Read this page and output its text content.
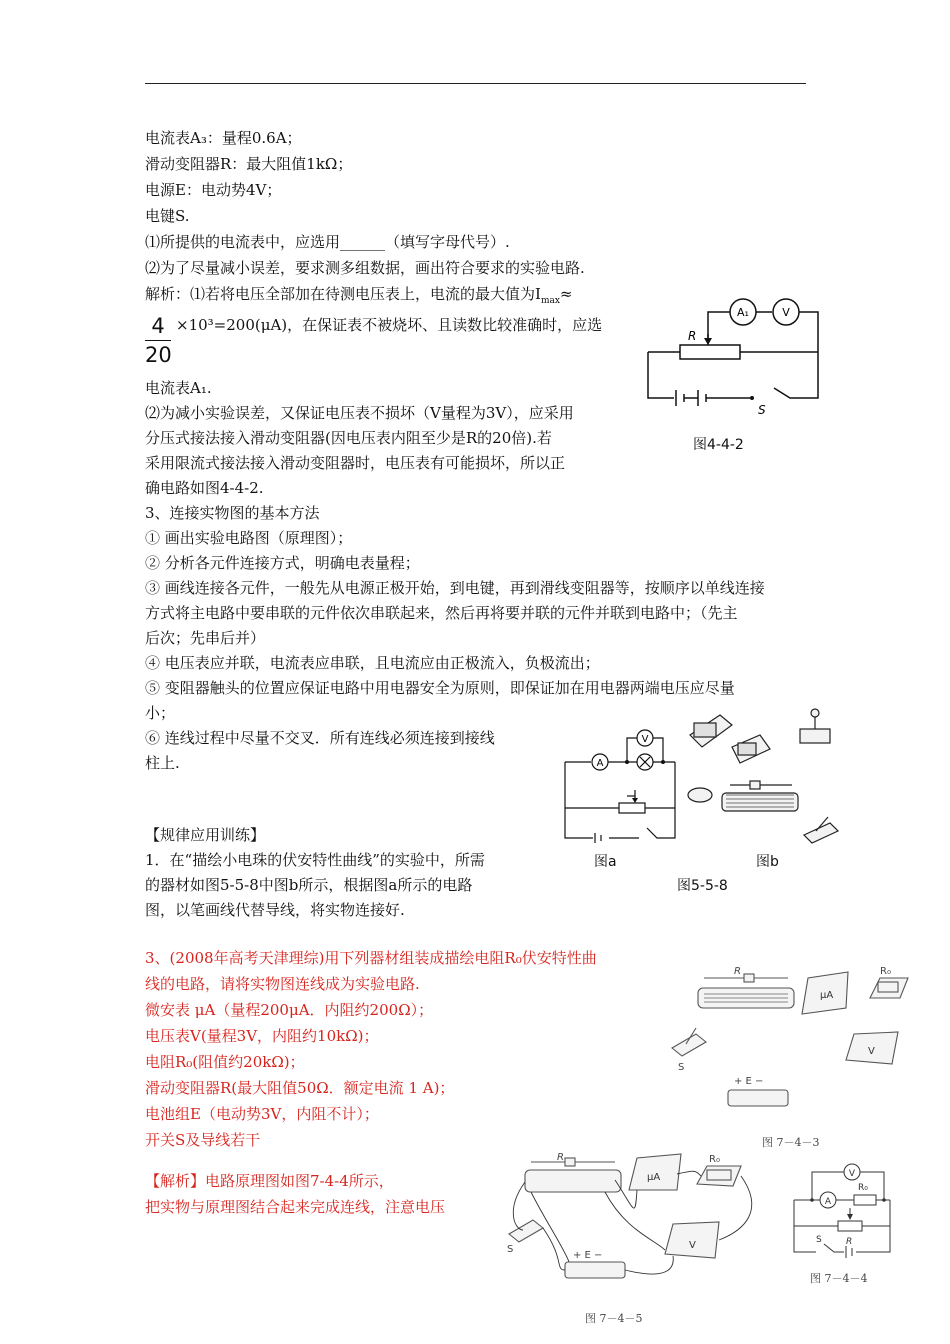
电流表A₃：量程0.6A；
滑动变阻器R：最大阻值1kΩ；
电源E：电动势4V；
电键S.
⑴所提供的电流表中，应选用______（填写字母代号）.
⑵为了尽量减小误差，要求测多组数据，画出符合要求的实验电路.
解析：⑴若将电压全部加在待测电压表上，电流的最大值为$I_{max}\approx$
4
20
×10³=200(μA)，在保证表不被烧坏、且读数比较准确时，应选
电流表A₁.
⑵为减小实验误差，又保证电压表不损坏（V量程为3V），应采用
分压式接法接入滑动变阻器(因电压表内阻至少是R的20倍).若
采用限流式接法接入滑动变阻器时，电压表有可能损坏，所以正
确电路如图4-4-2.
3、连接实物图的基本方法
① 画出实验电路图（原理图）；
② 分析各元件连接方式，明确电表量程；
③ 画线连接各元件，一般先从电源正极开始，到电键，再到滑线变阻器等，按顺序以单线连接
方式将主电路中要串联的元件依次串联起来，然后再将要并联的元件并联到电路中；（先主
后次；先串后并）
④ 电压表应并联，电流表应串联，且电流应由正极流入，负极流出；
⑤ 变阻器触头的位置应保证电路中用电器安全为原则，即保证加在用电器两端电压应尽量
小；
⑥ 连线过程中尽量不交叉．所有连线必须连接到接线
柱上.
【规律应用训练】
1．在“描绘小电珠的伏安特性曲线”的实验中，所需
的器材如图5-5-8中图b所示，根据图a所示的电路
图，以笔画线代替导线，将实物连接好.
3、(2008年高考天津理综)用下列器材组装成描绘电阻R₀伏安特性曲
线的电路，请将实物图连线成为实验电路.
微安表 μA（量程200μA．内阻约200Ω）；
电压表V(量程3V，内阻约10kΩ)；
电阻R₀(阻值约20kΩ)；
滑动变阻器R(最大阻值50Ω．额定电流 1 A)；
电池组E（电动势3V，内阻不计）；
开关S及导线若干
【解析】电路原理图如图7-4-4所示，
把实物与原理图结合起来完成连线，注意电压
A₁	V
R
S
图4-4-2
A
V
图a	图b
图5-5-8
R
μA
R₀
S
+ E −
V
图 7－4－3
R
μA
R₀
S
+ E −
V
图 7－4－5
V
A
R₀
S	R
图 7－4－4
